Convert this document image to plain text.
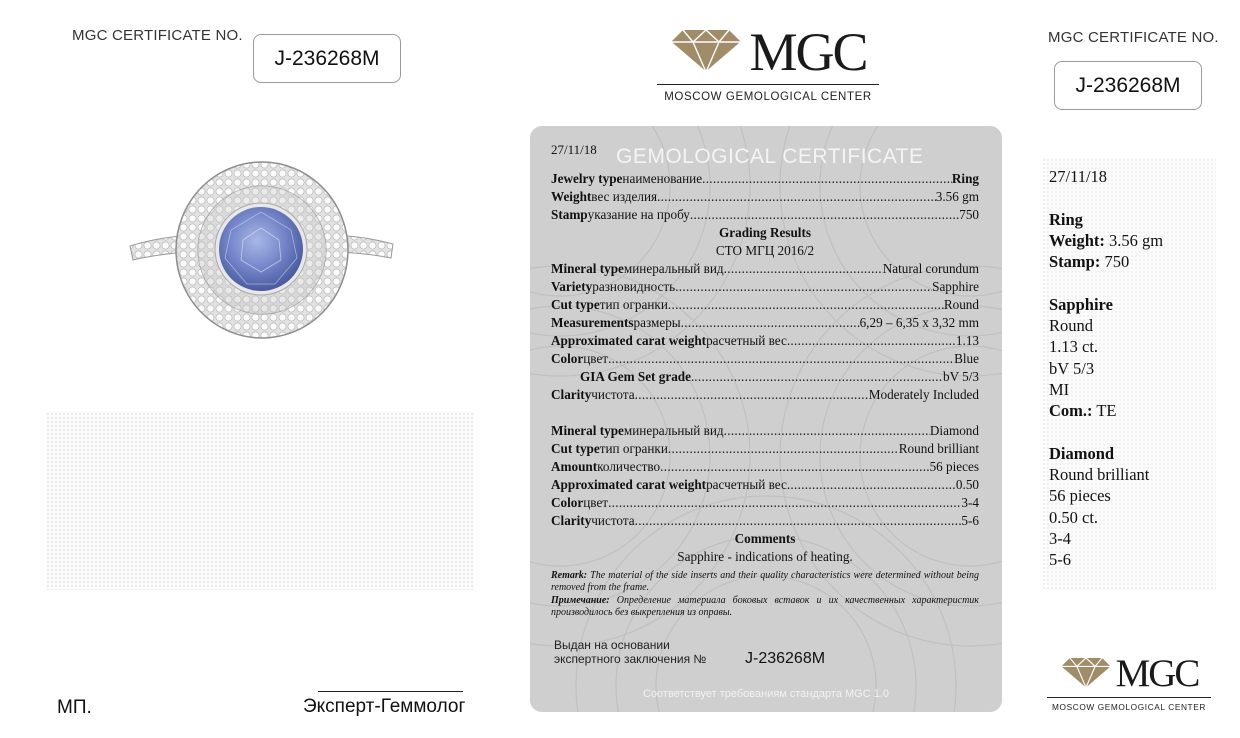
MGC CERTIFICATE NO.
J-236268M
MGC CERTIFICATE NO.
J-236268M
MGC
MOSCOW GEMOLOGICAL CENTER
МП.	Эксперт-Геммолог
27/11/18 GEMOLOGICAL CERTIFICATE
Jewelry type наименование .....	Ring
Weight вес изделия .....	3.56 gm
Stamp указание на пробу .....	750
Grading Results
СТО МГЦ 2016/2
Mineral type минеральный вид .....	Natural corundum
Variety разновидность .....	Sapphire
Cut type тип огранки .....	Round
Measurements размеры .....	6,29 – 6,35 x 3,32 mm
Approximated carat weight расчетный вес .....	1.13
Color цвет .....	Blue
GIA Gem Set grade . .....	bV 5/3
Clarity чистота .....	Moderately Included
Mineral type минеральный вид .....	Diamond
Cut type тип огранки .....	Round brilliant
Amount количество .....	56 pieces
Approximated carat weight расчетный вес .....	0.50
Color цвет .....	3-4
Clarity чистота .....	5-6
Comments
Sapphire - indications of heating.
Remark: The material of the side inserts and their quality characteristics were determined without being removed from the frame.
Примечание: Определение материала боковых вставок и их качественных характеристик производилось без выкрепления из оправы.
Выдан на основании
экспертного заключения № J-236268M
Соответствует требованиям стандарта MGC 1.0
27/11/18
Ring
Weight: 3.56 gm
Stamp: 750
Sapphire
Round
1.13 ct.
bV 5/3
MI
Com.: TE
Diamond
Round brilliant
56 pieces
0.50 ct.
3-4
5-6
MGC
MOSCOW GEMOLOGICAL CENTER
